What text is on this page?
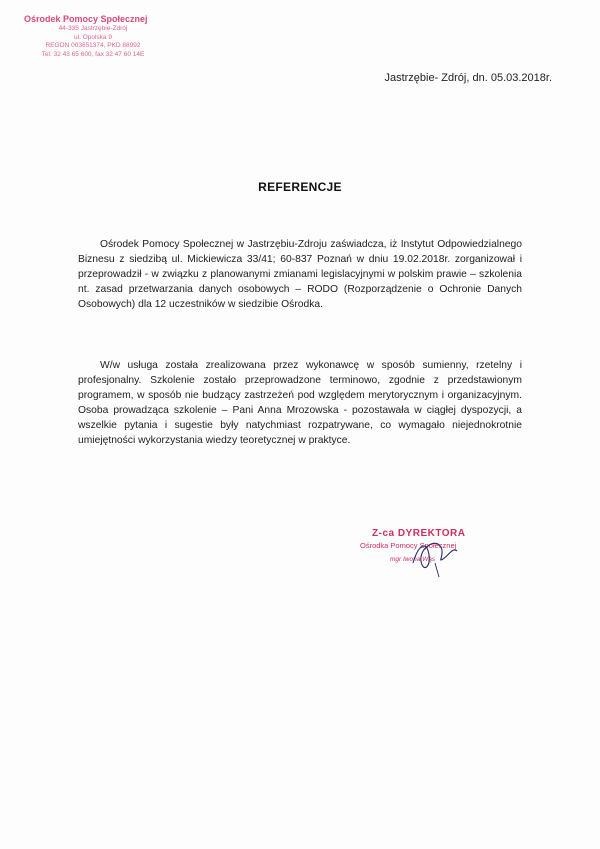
Ośrodek Pomocy Społecznej
44-335 Jastrzębie-Zdrój
ul. Opolska 9
REGON 003651374, PKD 88992
Tel. 32 43 65 600, fax 32 47 60 14E
Jastrzębie- Zdrój, dn. 05.03.2018r.
REFERENCJE
Ośrodek Pomocy Społecznej w Jastrzębiu-Zdroju zaświadcza, iż Instytut Odpowiedzialnego Biznesu z siedzibą ul. Mickiewicza 33/41; 60-837 Poznań w dniu 19.02.2018r. zorganizował i przeprowadził - w związku z planowanymi zmianami legislacyjnymi w polskim prawie – szkolenia nt. zasad przetwarzania danych osobowych – RODO (Rozporządzenie o Ochronie Danych Osobowych) dla 12 uczestników w siedzibie Ośrodka.
W/w usługa została zrealizowana przez wykonawcę w sposób sumienny, rzetelny i profesjonalny. Szkolenie zostało przeprowadzone terminowo, zgodnie z przedstawionym programem, w sposób nie budzący zastrzeżeń pod względem merytorycznym i organizacyjnym. Osoba prowadząca szkolenie – Pani Anna Mrozowska - pozostawała w ciągłej dyspozycji, a wszelkie pytania i sugestie były natychmiast rozpatrywane, co wymagało niejednokrotnie umiejętności wykorzystania wiedzy teoretycznej w praktyce.
Z-ca DYREKTORA
Ośrodka Pomocy Społecznej
mgr Iwona Wąs
